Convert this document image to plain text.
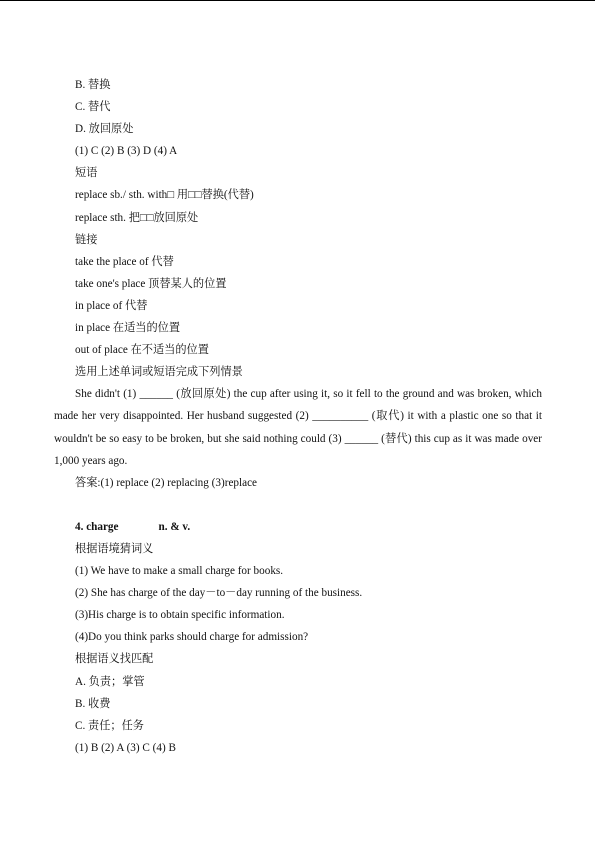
B. 替换
C. 替代
D. 放回原处
(1) C (2) B (3) D (4) A
短语
replace sb./ sth. with□ 用□□替换(代替)
replace sth. 把□□放回原处
链接
take the place of 代替
take one's place 顶替某人的位置
in place of 代替
in place 在适当的位置
out of place 在不适当的位置
选用上述单词或短语完成下列情景
She didn't (1) ______ (放回原处) the cup after using it, so it fell to the ground and was broken, which made her very disappointed. Her husband suggested (2) __________ (取代) it with a plastic one so that it wouldn't be so easy to be broken, but she said nothing could (3) ______ (替代) this cup as it was made over 1,000 years ago.
答案:(1) replace (2) replacing (3)replace
4. charge	n. & v.
根据语境猜词义
(1) We have to make a small charge for books.
(2) She has charge of the day－to－day running of the business.
(3)His charge is to obtain specific information.
(4)Do you think parks should charge for admission?
根据语义找匹配
A. 负责；掌管
B. 收费
C. 责任；任务
(1) B (2) A (3) C (4) B
